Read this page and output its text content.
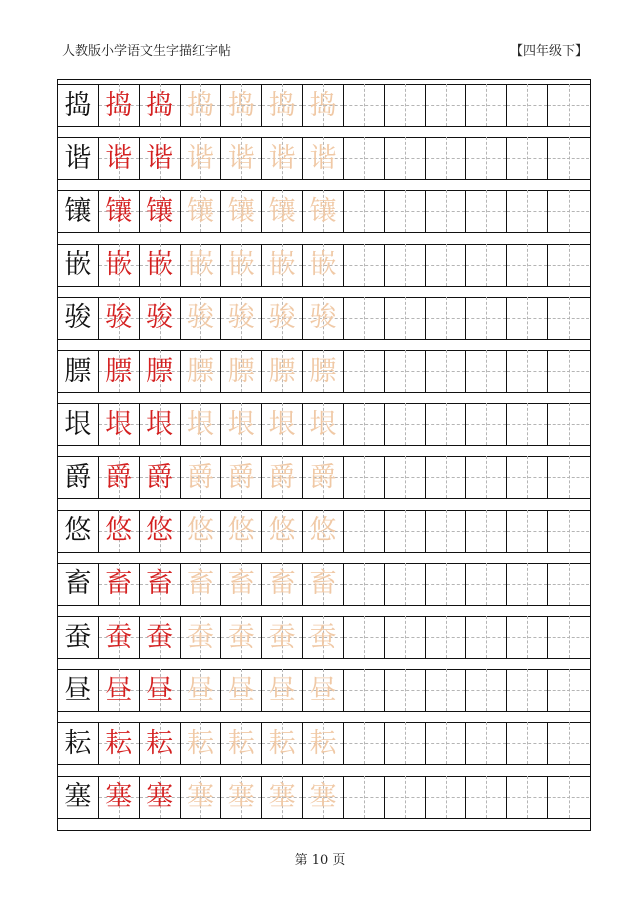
人教版小学语文生字描红字帖	【四年级下】
捣 捣 捣 捣 捣 捣 捣
谐 谐 谐 谐 谐 谐 谐
镶 镶 镶 镶 镶 镶 镶
嵌 嵌 嵌 嵌 嵌 嵌 嵌
骏 骏 骏 骏 骏 骏 骏
膘 膘 膘 膘 膘 膘 膘
垠 垠 垠 垠 垠 垠 垠
爵 爵 爵 爵 爵 爵 爵
悠 悠 悠 悠 悠 悠 悠
畜 畜 畜 畜 畜 畜 畜
蚕 蚕 蚕 蚕 蚕 蚕 蚕
昼 昼 昼 昼 昼 昼 昼
耘 耘 耘 耘 耘 耘 耘
塞 塞 塞 塞 塞 塞 塞
第 10 页
